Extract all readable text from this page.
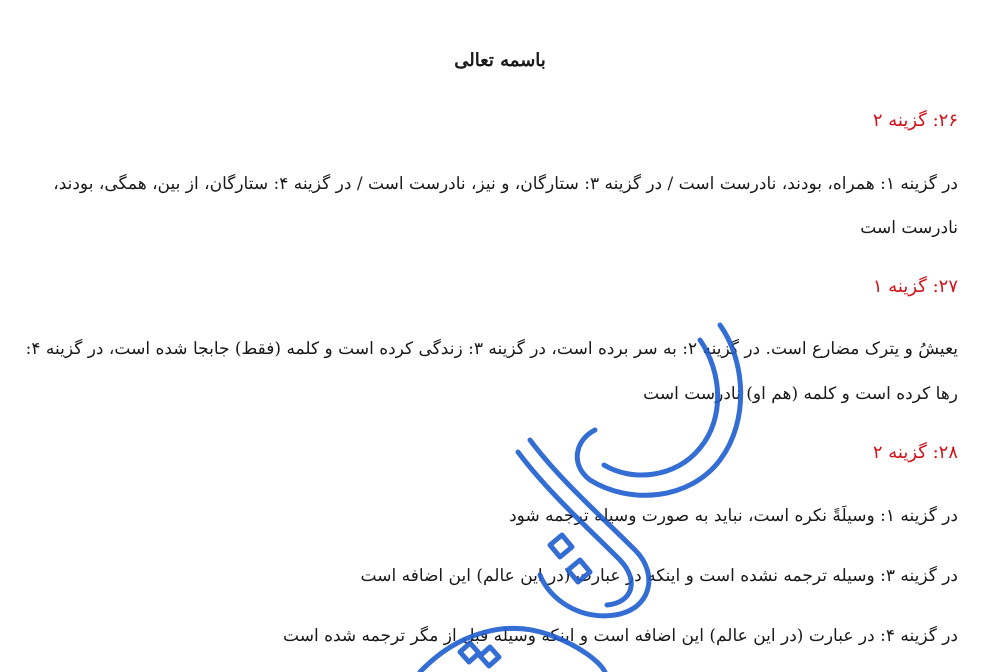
باسمه تعالی
۲۶: گزینه ۲
در گزینه ۱: همراه، بودند، نادرست است / در گزینه ۳: ستارگان، و نیز، نادرست است / در گزینه ۴: ستارگان، از بین، همگی، بودند،
نادرست است
۲۷: گزینه ۱
یعیشُ و یترک مضارع است. در گزینه ۲: به سر برده است، در گزینه ۳: زندگی کرده است و کلمه (فقط) جابجا شده است، در گزینه ۴:
رها کرده است و کلمه (هم او) نادرست است
۲۸: گزینه ۲
در گزینه ۱: وسیلَةً نکره است، نباید به صورت وسیله ترجمه شود
در گزینه ۳: وسیله ترجمه نشده است و اینکه در عبارت (در این عالم) این اضافه است
در گزینه ۴: در عبارت (در این عالم) این اضافه است و اینکه وسیله قبل از مگر ترجمه شده است
